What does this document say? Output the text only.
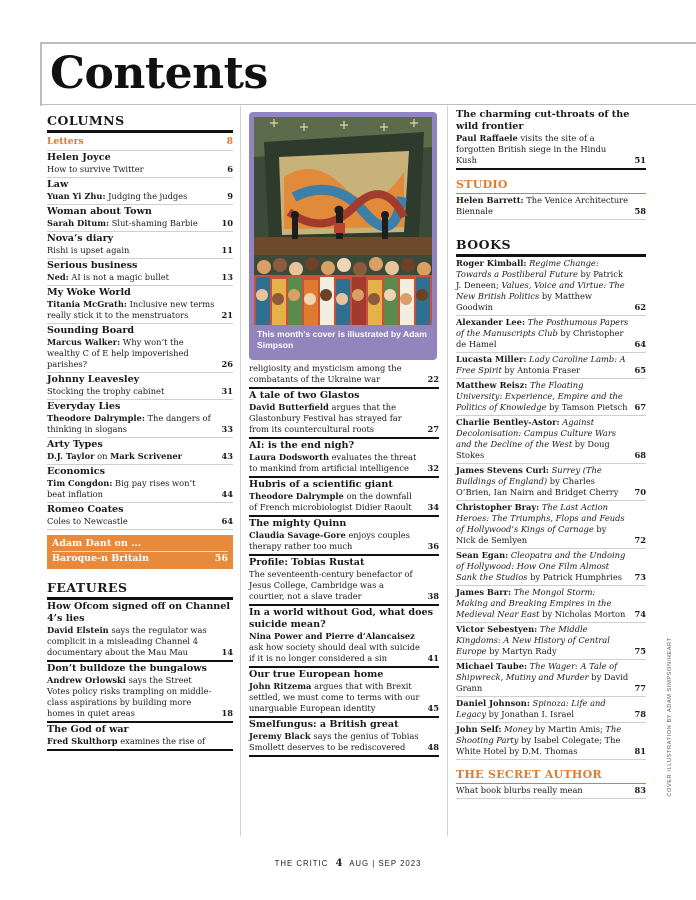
Contents
COLUMNS
Letters	8
Helen Joyce
How to survive Twitter	6
Law
Yuan Yi Zhu: Judging the judges	9
Woman about Town
Sarah Ditum: Slut-shaming Barbie	10
Nova’s diary
Rishi is upset again	11
Serious business
Ned: AI is not a magic bullet	13
My Woke World
Titania McGrath: Inclusive new terms really stick it to the menstruators	21
Sounding Board
Marcus Walker: Why won’t the wealthy C of E help impoverished parishes?	26
Johnny Leavesley
Stocking the trophy cabinet	31
Everyday Lies
Theodore Dalrymple: The dangers of thinking in slogans	33
Arty Types
D.J. Taylor on Mark Scrivener	43
Economics
Tim Congdon: Big pay rises won’t beat inflation	44
Romeo Coates
Coles to Newcastle	64
Adam Dant on ...
Baroque-n Britain	56
FEATURES
How Ofcom signed off on Channel 4’s lies
David Elstein says the regulator was complicit in a misleading Channel 4 documentary about the Mau Mau	14
Don’t bulldoze the bungalows
Andrew Orlowski says the Street Votes policy risks trampling on middle-class aspirations by building more homes in quiet areas	18
The God of war
Fred Skulthorp examines the rise of
This month’s cover is illustrated by Adam Simpson
religiosity and mysticism among the combatants of the Ukraine war	22
A tale of two Glastos
David Butterfield argues that the Glastonbury Festival has strayed far from its countercultural roots	27
AI: is the end nigh?
Laura Dodsworth evaluates the threat to mankind from artificial intelligence	32
Hubris of a scientific giant
Theodore Dalrymple on the downfall of French microbiologist Didier Raoult	34
The mighty Quinn
Claudia Savage-Gore enjoys couples therapy rather too much	36
Profile: Tobias Rustat
The seventeenth-century benefactor of Jesus College, Cambridge was a courtier, not a slave trader	38
In a world without God, what does suicide mean?
Nina Power and Pierre d’Alancaisez ask how society should deal with suicide if it is no longer considered a sin	41
Our true European home
John Ritzema argues that with Brexit settled, we must come to terms with our unarguable European identity	45
Smelfungus: a British great
Jeremy Black says the genius of Tobias Smollett deserves to be rediscovered	48
The charming cut-throats of the wild frontier
Paul Raffaele visits the site of a forgotten British siege in the Hindu Kush	51
STUDIO
Helen Barrett: The Venice Architecture Biennale	58
BOOKS
Roger Kimball: Regime Change: Towards a Postliberal Future by Patrick J. Deneen; Values, Voice and Virtue: The New British Politics by Matthew Goodwin	62
Alexander Lee: The Posthumous Papers of the Manuscripts Club by Christopher de Hamel	64
Lucasta Miller: Lady Caroline Lamb: A Free Spirit by Antonia Fraser	65
Matthew Reisz: The Floating University: Experience, Empire and the Politics of Knowledge by Tamson Pietsch 67
Charlie Bentley-Astor: Against Decolonisation: Campus Culture Wars and the Decline of the West by Doug Stokes	68
James Stevens Curl: Surrey (The Buildings of England) by Charles O’Brien, Ian Nairn and Bridget Cherry	70
Christopher Bray: The Last Action Heroes: The Triumphs, Flops and Feuds of Hollywood’s Kings of Carnage by Nick de Semlyen	72
Sean Egan: Cleopatra and the Undoing of Hollywood: How One Film Almost Sank the Studios by Patrick Humphries	73
James Barr: The Mongol Storm: Making and Breaking Empires in the Medieval Near East by Nicholas Morton	74
Victor Sebestyen: The Middle Kingdoms: A New History of Central Europe by Martyn Rady	75
Michael Taube: The Wager: A Tale of Shipwreck, Mutiny and Murder by David Grann	77
Daniel Johnson: Spinoza: Life and Legacy by Jonathan I. Israel	78
John Self: Money by Martin Amis; The Shooting Party by Isabel Colegate; The White Hotel by D.M. Thomas	81
THE SECRET AUTHOR
What book blurbs really mean	83	COVER ILLUSTRATION BY ADAM SIMPSON/HEART
THE CRITIC 4 AUG | SEP 2023
